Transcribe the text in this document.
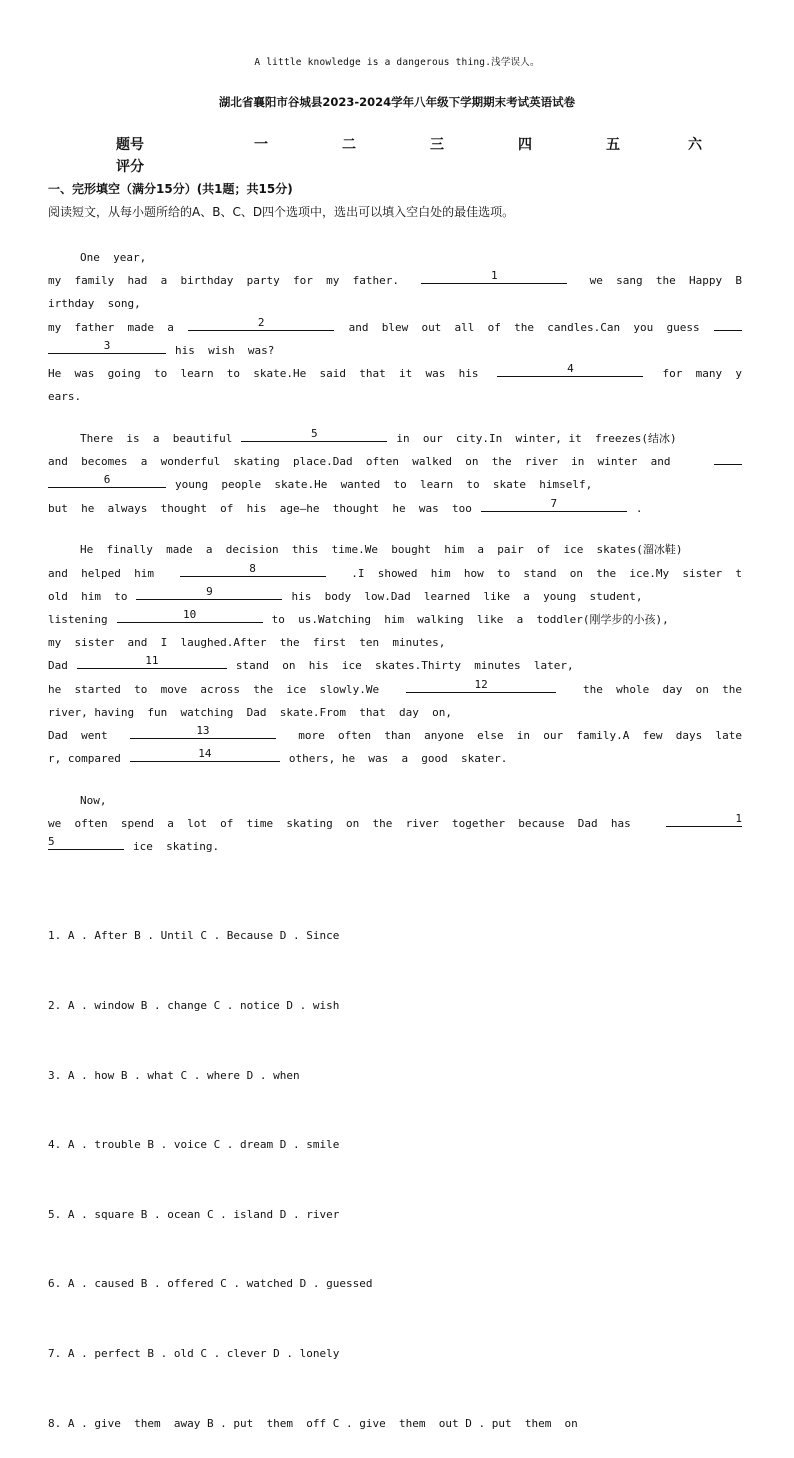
A little knowledge is a dangerous thing.浅学误人。
湖北省襄阳市谷城县2023-2024学年八年级下学期期末考试英语试卷
题号	一	二	三	四	五	六
评分
一、完形填空（满分15分）(共1题；共15分)
阅读短文，从每小题所给的A、B、C、D四个选项中，选出可以填入空白处的最佳选项。
One  year,
my  family  had  a  birthday  party  for  my  father.	1	we  sang  the  Happy  B
irthday  song,
my  father  made  a	2	and  blew  out  all  of  the  candles.Can  you  guess
3	his  wish  was?
He  was  going  to  learn  to  skate.He  said  that  it  was  his	4	for  many  y
ears.
There  is  a  beautiful	5	in  our  city.In  winter, it  freezes(结冰)
and  becomes  a  wonderful  skating  place.Dad  often  walked  on  the  river  in  winter  and
6	young  people  skate.He  wanted  to  learn  to  skate  himself,
but  he  always  thought  of  his  age—he  thought  he  was  too	7	.
He  finally  made  a  decision  this  time.We  bought  him  a  pair  of  ice  skates(溜冰鞋)
and  helped  him	8	.I  showed  him  how  to  stand  on  the  ice.My  sister  t
old  him  to	9	his  body  low.Dad  learned  like  a  young  student,
listening	10	to  us.Watching  him  walking  like  a  toddler(刚学步的小孩),
my  sister  and  I  laughed.After  the  first  ten  minutes,
Dad	11	stand  on  his  ice  skates.Thirty  minutes  later,
he  started  to  move  across  the  ice  slowly.We	12	the  whole  day  on  the
river, having  fun  watching  Dad  skate.From  that  day  on,
Dad  went	13	more  often  than  anyone  else  in  our  family.A  few  days  late
r, compared	14	others, he  was  a  good  skater.
Now,
we  often  spend  a  lot  of  time  skating  on  the  river  together  because  Dad  has	1
5	ice  skating.

1. A . After B . Until C . Because D . Since

2. A . window B . change C . notice D . wish

3. A . how B . what C . where D . when

4. A . trouble B . voice C . dream D . smile

5. A . square B . ocean C . island D . river

6. A . caused B . offered C . watched D . guessed

7. A . perfect B . old C . clever D . lonely

8. A . give  them  away B . put  them  off C . give  them  out D . put  them  on
